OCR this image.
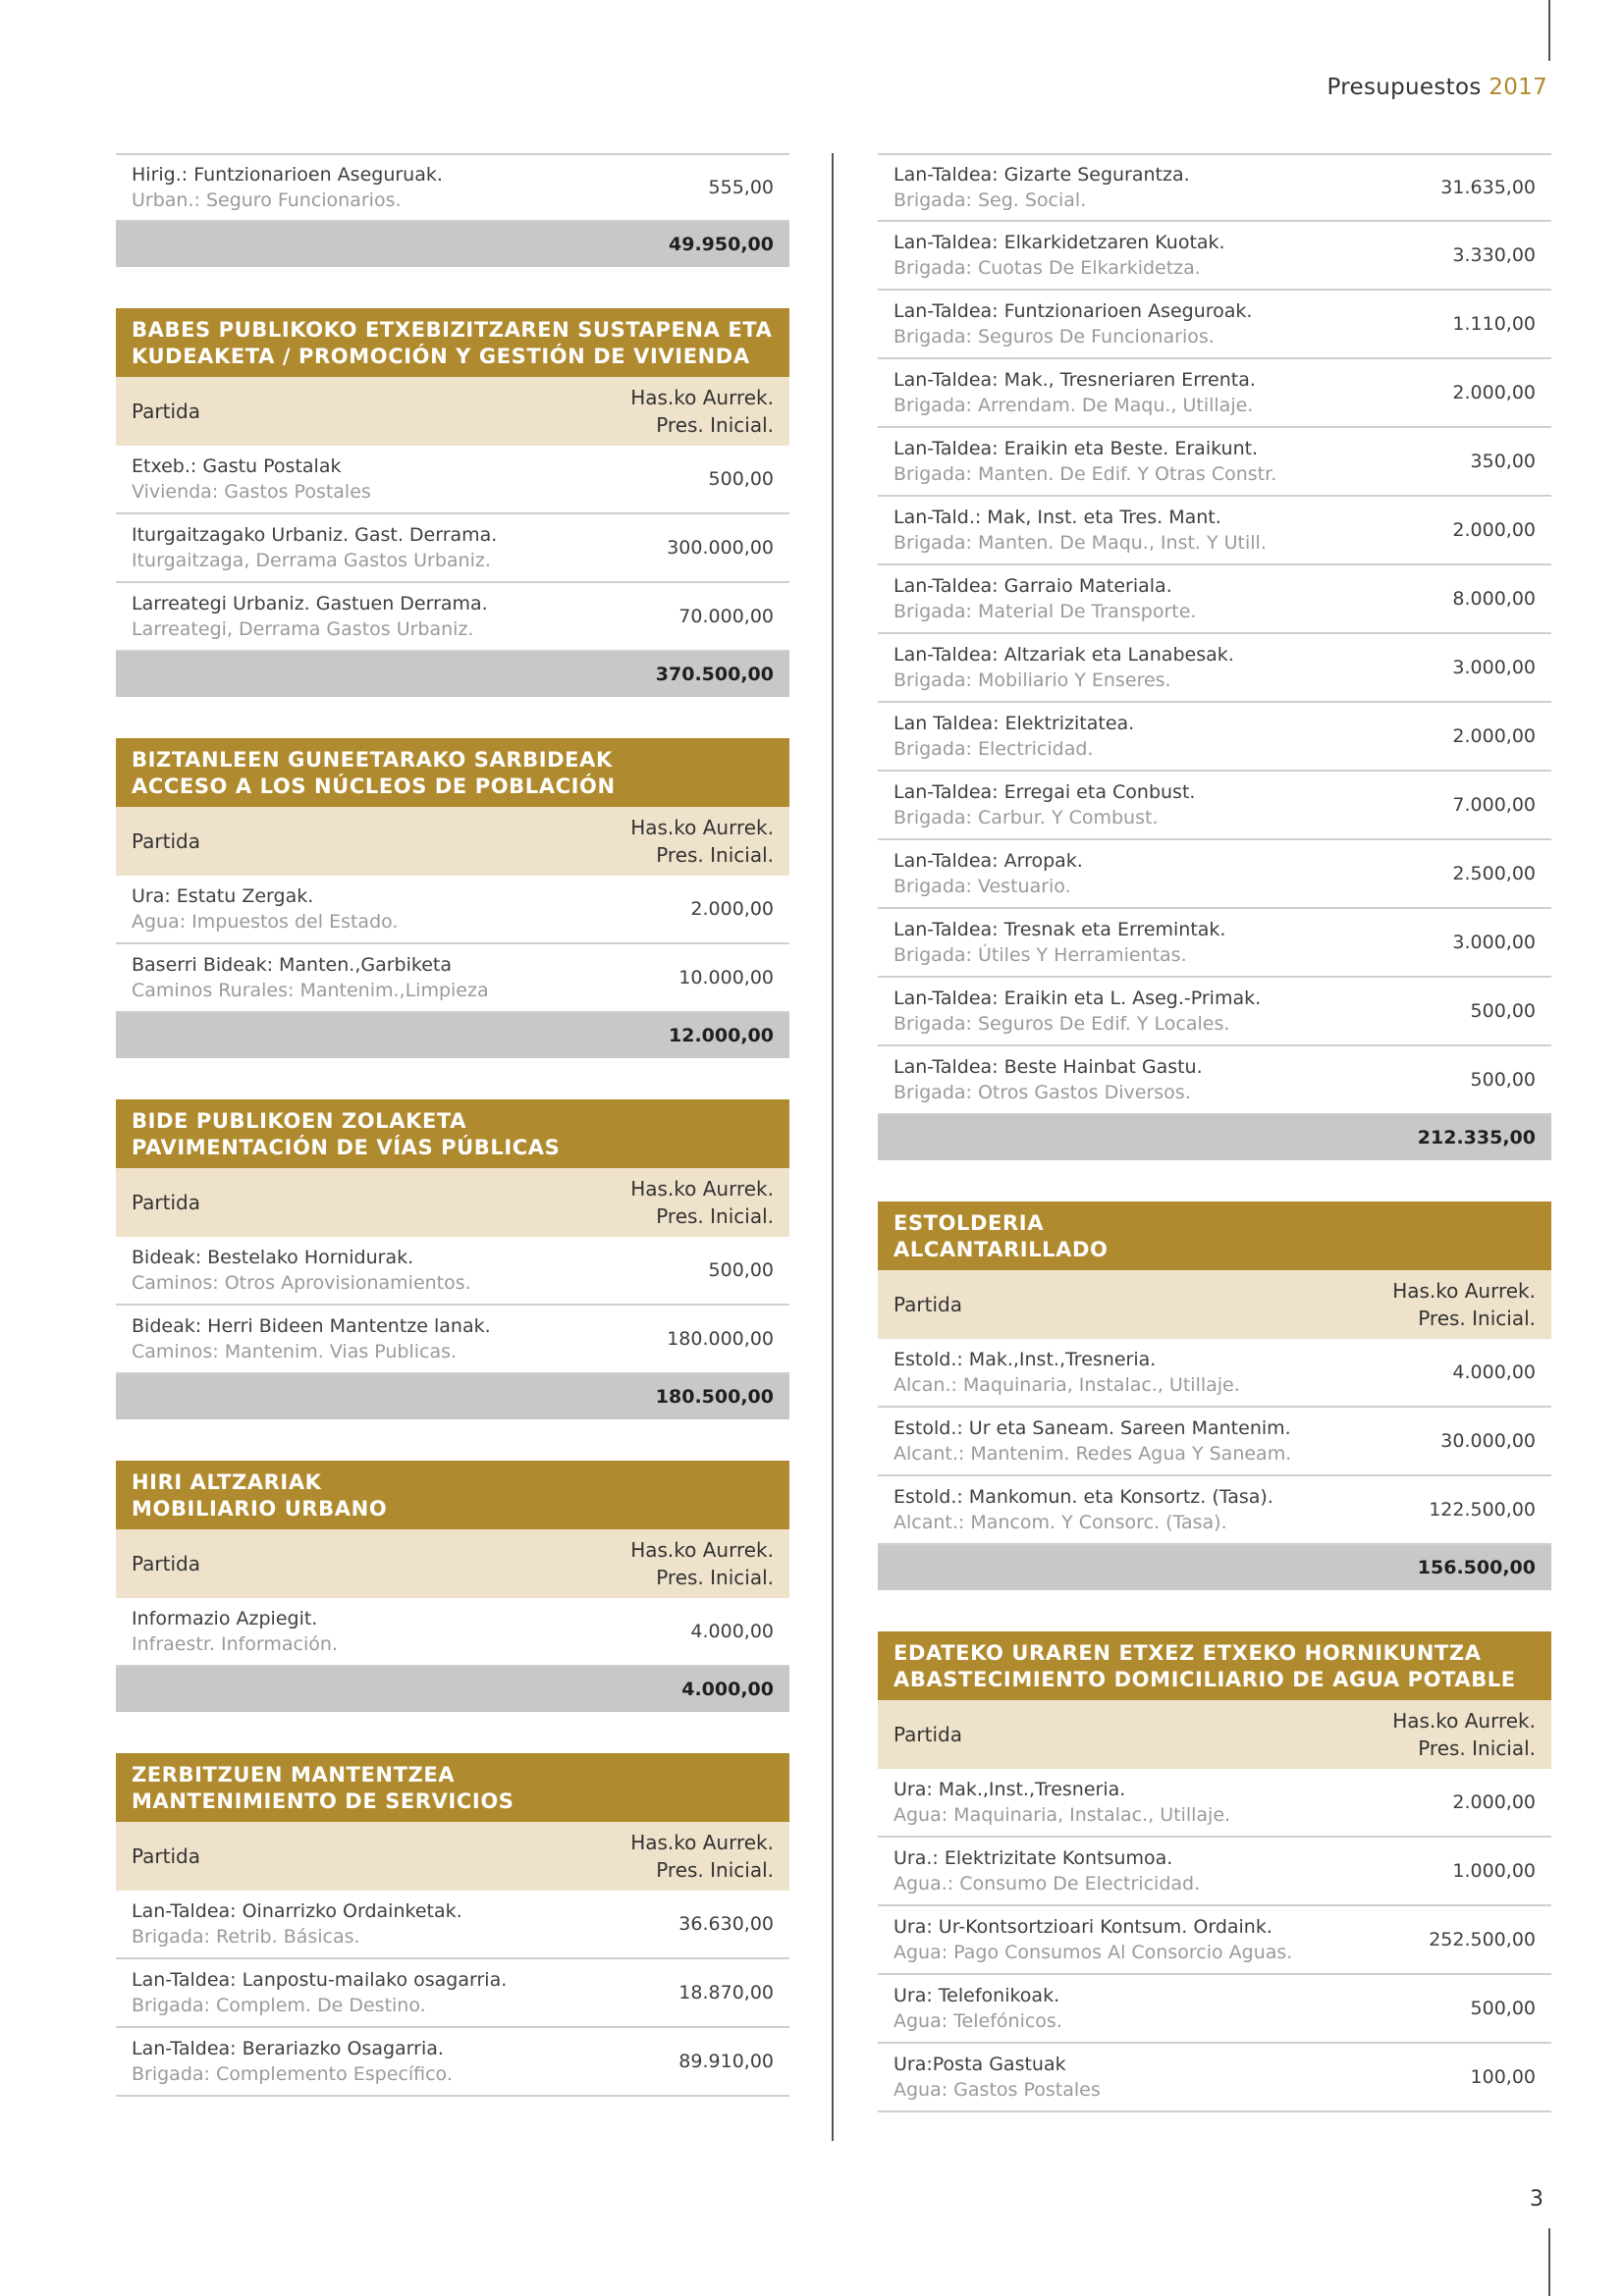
Presupuestos 2017
Hirig.: Funtzionarioen Aseguruak.
Urban.: Seguro Funcionarios.
555,00
49.950,00
BABES PUBLIKOKO ETXEBIZITZAREN SUSTAPENA ETA
KUDEAKETA / PROMOCIÓN Y GESTIÓN DE VIVIENDA
Partida
Has.ko Aurrek.
Pres. Inicial.
Etxeb.: Gastu Postalak
Vivienda: Gastos Postales
500,00
Iturgaitzagako Urbaniz. Gast. Derrama.
Iturgaitzaga, Derrama Gastos Urbaniz.
300.000,00
Larreategi Urbaniz. Gastuen Derrama.
Larreategi, Derrama Gastos Urbaniz.
70.000,00
370.500,00
BIZTANLEEN GUNEETARAKO SARBIDEAK
ACCESO A LOS NÚCLEOS DE POBLACIÓN
Partida
Has.ko Aurrek.
Pres. Inicial.
Ura: Estatu Zergak.
Agua: Impuestos del Estado.
2.000,00
Baserri Bideak: Manten.,Garbiketa
Caminos Rurales: Mantenim.,Limpieza
10.000,00
12.000,00
BIDE PUBLIKOEN ZOLAKETA
PAVIMENTACIÓN DE VÍAS PÚBLICAS
Partida
Has.ko Aurrek.
Pres. Inicial.
Bideak: Bestelako Hornidurak.
Caminos: Otros Aprovisionamientos.
500,00
Bideak: Herri Bideen Mantentze lanak.
Caminos: Mantenim. Vias Publicas.
180.000,00
180.500,00
HIRI ALTZARIAK
MOBILIARIO URBANO
Partida
Has.ko Aurrek.
Pres. Inicial.
Informazio Azpiegit.
Infraestr. Información.
4.000,00
4.000,00
ZERBITZUEN MANTENTZEA
MANTENIMIENTO DE SERVICIOS
Partida
Has.ko Aurrek.
Pres. Inicial.
Lan-Taldea: Oinarrizko Ordainketak.
Brigada: Retrib. Básicas.
36.630,00
Lan-Taldea: Lanpostu-mailako osagarria.
Brigada: Complem. De Destino.
18.870,00
Lan-Taldea: Berariazko Osagarria.
Brigada: Complemento Específico.
89.910,00
Lan-Taldea: Gizarte Segurantza.
Brigada: Seg. Social.
31.635,00
Lan-Taldea: Elkarkidetzaren Kuotak.
Brigada: Cuotas De Elkarkidetza.
3.330,00
Lan-Taldea: Funtzionarioen Aseguroak.
Brigada: Seguros De Funcionarios.
1.110,00
Lan-Taldea: Mak., Tresneriaren Errenta.
Brigada: Arrendam. De Maqu., Utillaje.
2.000,00
Lan-Taldea: Eraikin eta Beste. Eraikunt.
Brigada: Manten. De Edif. Y Otras Constr.
350,00
Lan-Tald.: Mak, Inst. eta Tres. Mant.
Brigada: Manten. De Maqu., Inst. Y Utill.
2.000,00
Lan-Taldea: Garraio Materiala.
Brigada: Material De Transporte.
8.000,00
Lan-Taldea: Altzariak eta Lanabesak.
Brigada: Mobiliario Y Enseres.
3.000,00
Lan Taldea: Elektrizitatea.
Brigada: Electricidad.
2.000,00
Lan-Taldea: Erregai eta Conbust.
Brigada: Carbur. Y Combust.
7.000,00
Lan-Taldea: Arropak.
Brigada: Vestuario.
2.500,00
Lan-Taldea: Tresnak eta Erremintak.
Brigada: Útiles Y Herramientas.
3.000,00
Lan-Taldea: Eraikin eta L. Aseg.-Primak.
Brigada: Seguros De Edif. Y Locales.
500,00
Lan-Taldea: Beste Hainbat Gastu.
Brigada: Otros Gastos Diversos.
500,00
212.335,00
ESTOLDERIA
ALCANTARILLADO
Partida
Has.ko Aurrek.
Pres. Inicial.
Estold.: Mak.,Inst.,Tresneria.
Alcan.: Maquinaria, Instalac., Utillaje.
4.000,00
Estold.: Ur eta Saneam. Sareen Mantenim.
Alcant.: Mantenim. Redes Agua Y Saneam.
30.000,00
Estold.: Mankomun. eta Konsortz. (Tasa).
Alcant.: Mancom. Y Consorc. (Tasa).
122.500,00
156.500,00
EDATEKO URAREN ETXEZ ETXEKO HORNIKUNTZA
ABASTECIMIENTO DOMICILIARIO DE AGUA POTABLE
Partida
Has.ko Aurrek.
Pres. Inicial.
Ura: Mak.,Inst.,Tresneria.
Agua: Maquinaria, Instalac., Utillaje.
2.000,00
Ura.: Elektrizitate Kontsumoa.
Agua.: Consumo De Electricidad.
1.000,00
Ura: Ur-Kontsortzioari Kontsum. Ordaink.
Agua: Pago Consumos Al Consorcio Aguas.
252.500,00
Ura: Telefonikoak.
Agua: Telefónicos.
500,00
Ura:Posta Gastuak
Agua: Gastos Postales
100,00
3
